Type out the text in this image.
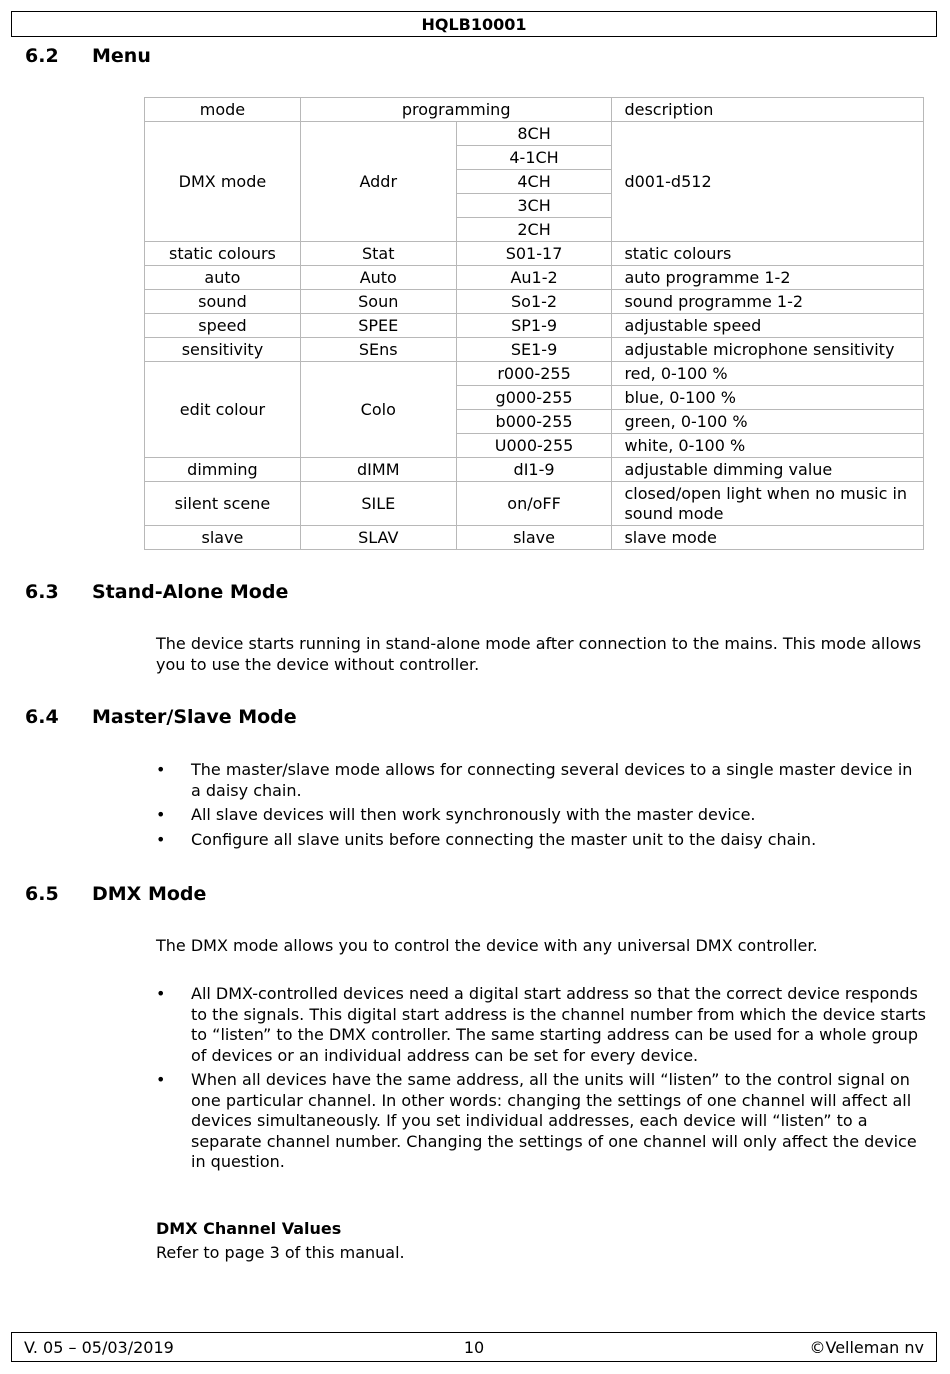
HQLB10001
6.2 Menu
mode	programming		description
DMX mode	Addr	8CH	d001-d512
		4-1CH	
		4CH	
		3CH	
		2CH	
static colours	Stat	S01-17	static colours
auto	Auto	Au1-2	auto programme 1-2
sound	Soun	So1-2	sound programme 1-2
speed	SPEE	SP1-9	adjustable speed
sensitivity	SEns	SE1-9	adjustable microphone sensitivity
edit colour	Colo	r000-255	red, 0-100 %
		g000-255	blue, 0-100 %
		b000-255	green, 0-100 %
		U000-255	white, 0-100 %
dimming	dIMM	dI1-9	adjustable dimming value
silent scene	SILE	on/oFF	closed/open light when no music in sound mode
slave	SLAV	slave	slave mode
6.3 Stand-Alone Mode
The device starts running in stand-alone mode after connection to the mains. This mode allows you to use the device without controller.
6.4 Master/Slave Mode
• The master/slave mode allows for connecting several devices to a single master device in a daisy chain.
• All slave devices will then work synchronously with the master device.
• Configure all slave units before connecting the master unit to the daisy chain.
6.5 DMX Mode
The DMX mode allows you to control the device with any universal DMX controller.
• All DMX-controlled devices need a digital start address so that the correct device responds to the signals. This digital start address is the channel number from which the device starts to “listen” to the DMX controller. The same starting address can be used for a whole group of devices or an individual address can be set for every device.
• When all devices have the same address, all the units will “listen” to the control signal on one particular channel. In other words: changing the settings of one channel will affect all devices simultaneously. If you set individual addresses, each device will “listen” to a separate channel number. Changing the settings of one channel will only affect the device in question.
DMX Channel Values
Refer to page 3 of this manual.
V. 05 – 05/03/2019	10	©Velleman nv
